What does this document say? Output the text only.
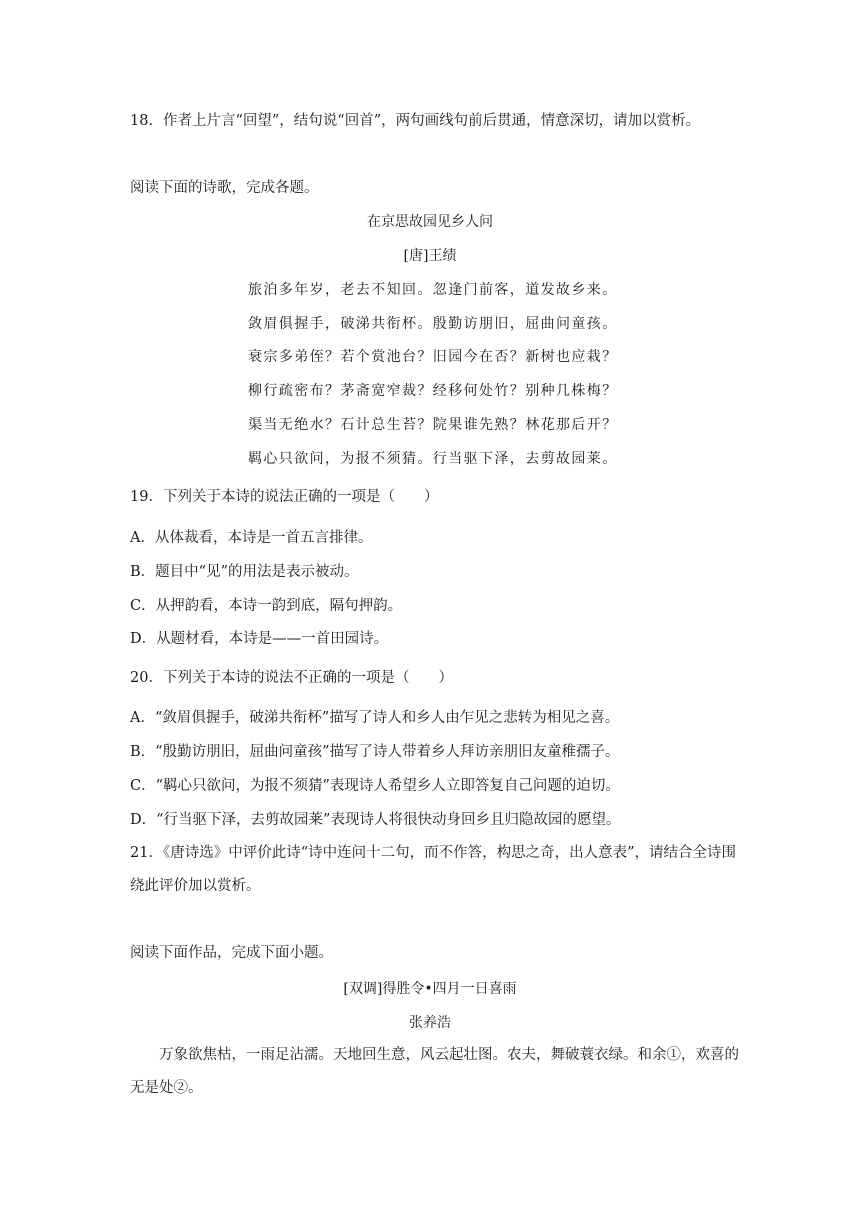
18．作者上片言“回望”，结句说“回首”，两句画线句前后贯通，情意深切，请加以赏析。
阅读下面的诗歌，完成各题。
在京思故园见乡人问
[唐]王绩
旅泊多年岁，老去不知回。忽逢门前客，道发故乡来。
敛眉俱握手，破涕共衔杯。殷勤访朋旧，屈曲问童孩。
衰宗多弟侄？若个赏池台？旧园今在否？新树也应栽？
柳行疏密布？茅斋宽窄裁？经移何处竹？别种几株梅？
渠当无绝水？石计总生苔？院果谁先熟？林花那后开？
羁心只欲问，为报不须猜。行当驱下泽，去剪故园莱。
19．下列关于本诗的说法正确的一项是（　　）
A．从体裁看，本诗是一首五言排律。
B．题目中“见”的用法是表示被动。
C．从押韵看，本诗一韵到底，隔句押韵。
D．从题材看，本诗是——一首田园诗。
20．下列关于本诗的说法不正确的一项是（　　）
A．“敛眉俱握手，破涕共衔杯”描写了诗人和乡人由乍见之悲转为相见之喜。
B．“殷勤访朋旧，屈曲问童孩”描写了诗人带着乡人拜访亲朋旧友童稚孺子。
C．“羁心只欲问，为报不须猜”表现诗人希望乡人立即答复自己问题的迫切。
D．“行当驱下泽，去剪故园莱”表现诗人将很快动身回乡且归隐故园的愿望。
21．《唐诗选》中评价此诗“诗中连问十二句，而不作答，构思之奇，出人意表”，请结合全诗围绕此评价加以赏析。
阅读下面作品，完成下面小题。
[双调]得胜令•四月一日喜雨
张养浩
万象欲焦枯，一雨足沾濡。天地回生意，风云起壮图。农夫，舞破蓑衣绿。和余①，欢喜的无是处②。
